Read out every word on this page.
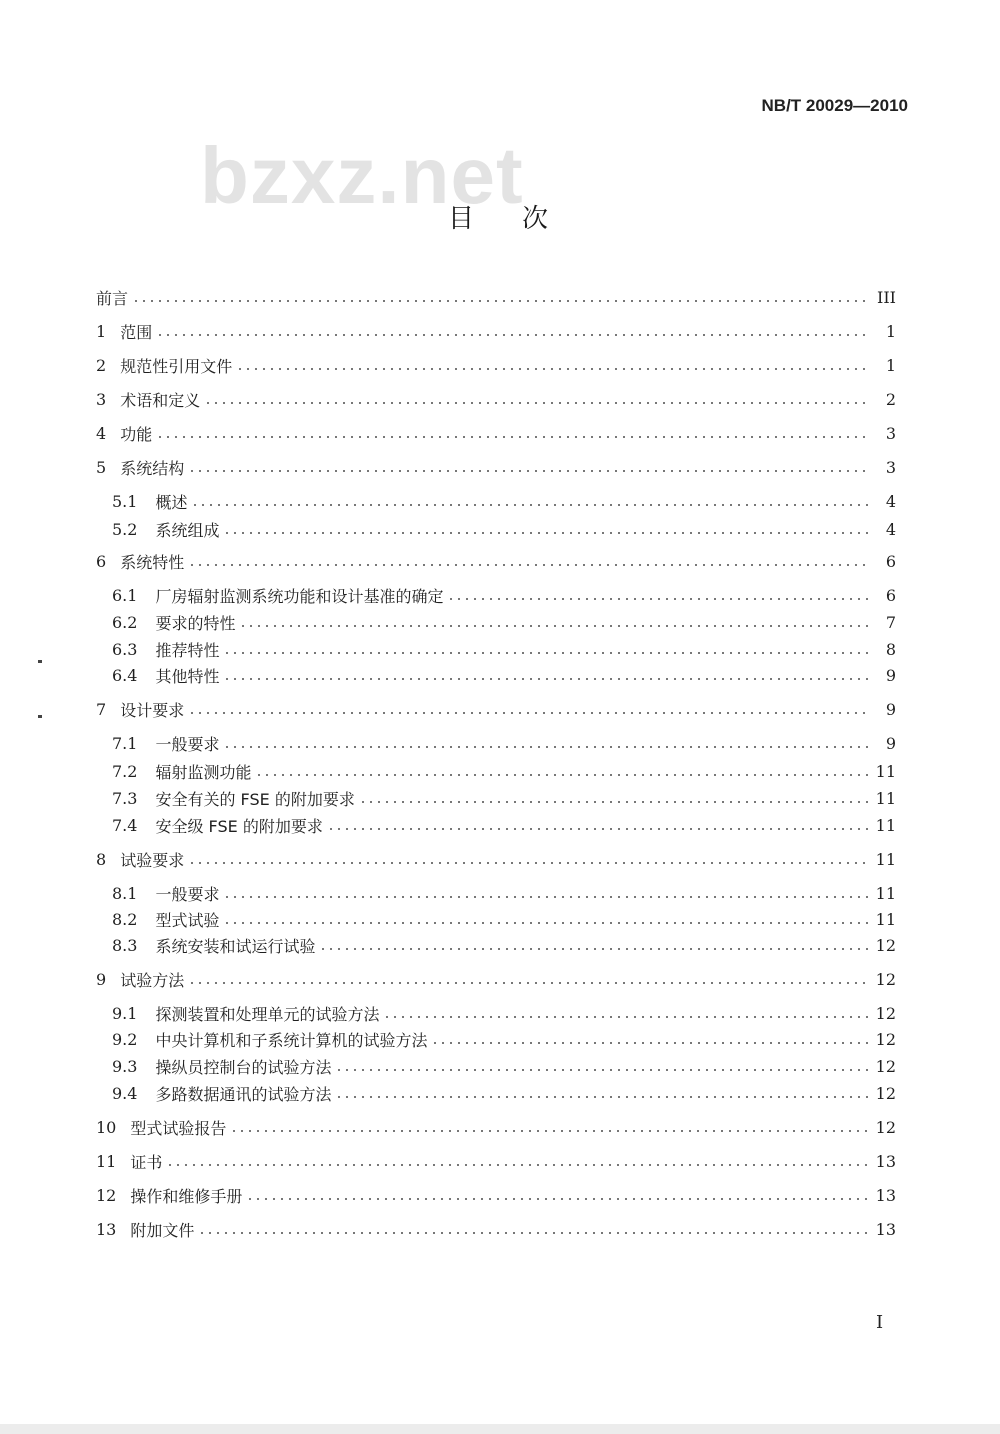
bzxz.net
NB/T 20029—2010
目次
前言	III
1 范围	1
2 规范性引用文件	1
3 术语和定义	2
4 功能	3
5 系统结构	3
5.1 概述	4
5.2 系统组成	4
6 系统特性	6
6.1 厂房辐射监测系统功能和设计基准的确定	6
6.2 要求的特性	7
6.3 推荐特性	8
6.4 其他特性	9
7 设计要求	9
7.1 一般要求	9
7.2 辐射监测功能	11
7.3 安全有关的 FSE 的附加要求	11
7.4 安全级 FSE 的附加要求	11
8 试验要求	11
8.1 一般要求	11
8.2 型式试验	11
8.3 系统安装和试运行试验	12
9 试验方法	12
9.1 探测装置和处理单元的试验方法	12
9.2 中央计算机和子系统计算机的试验方法	12
9.3 操纵员控制台的试验方法	12
9.4 多路数据通讯的试验方法	12
10 型式试验报告	12
11 证书	13
12 操作和维修手册	13
13 附加文件	13
I
